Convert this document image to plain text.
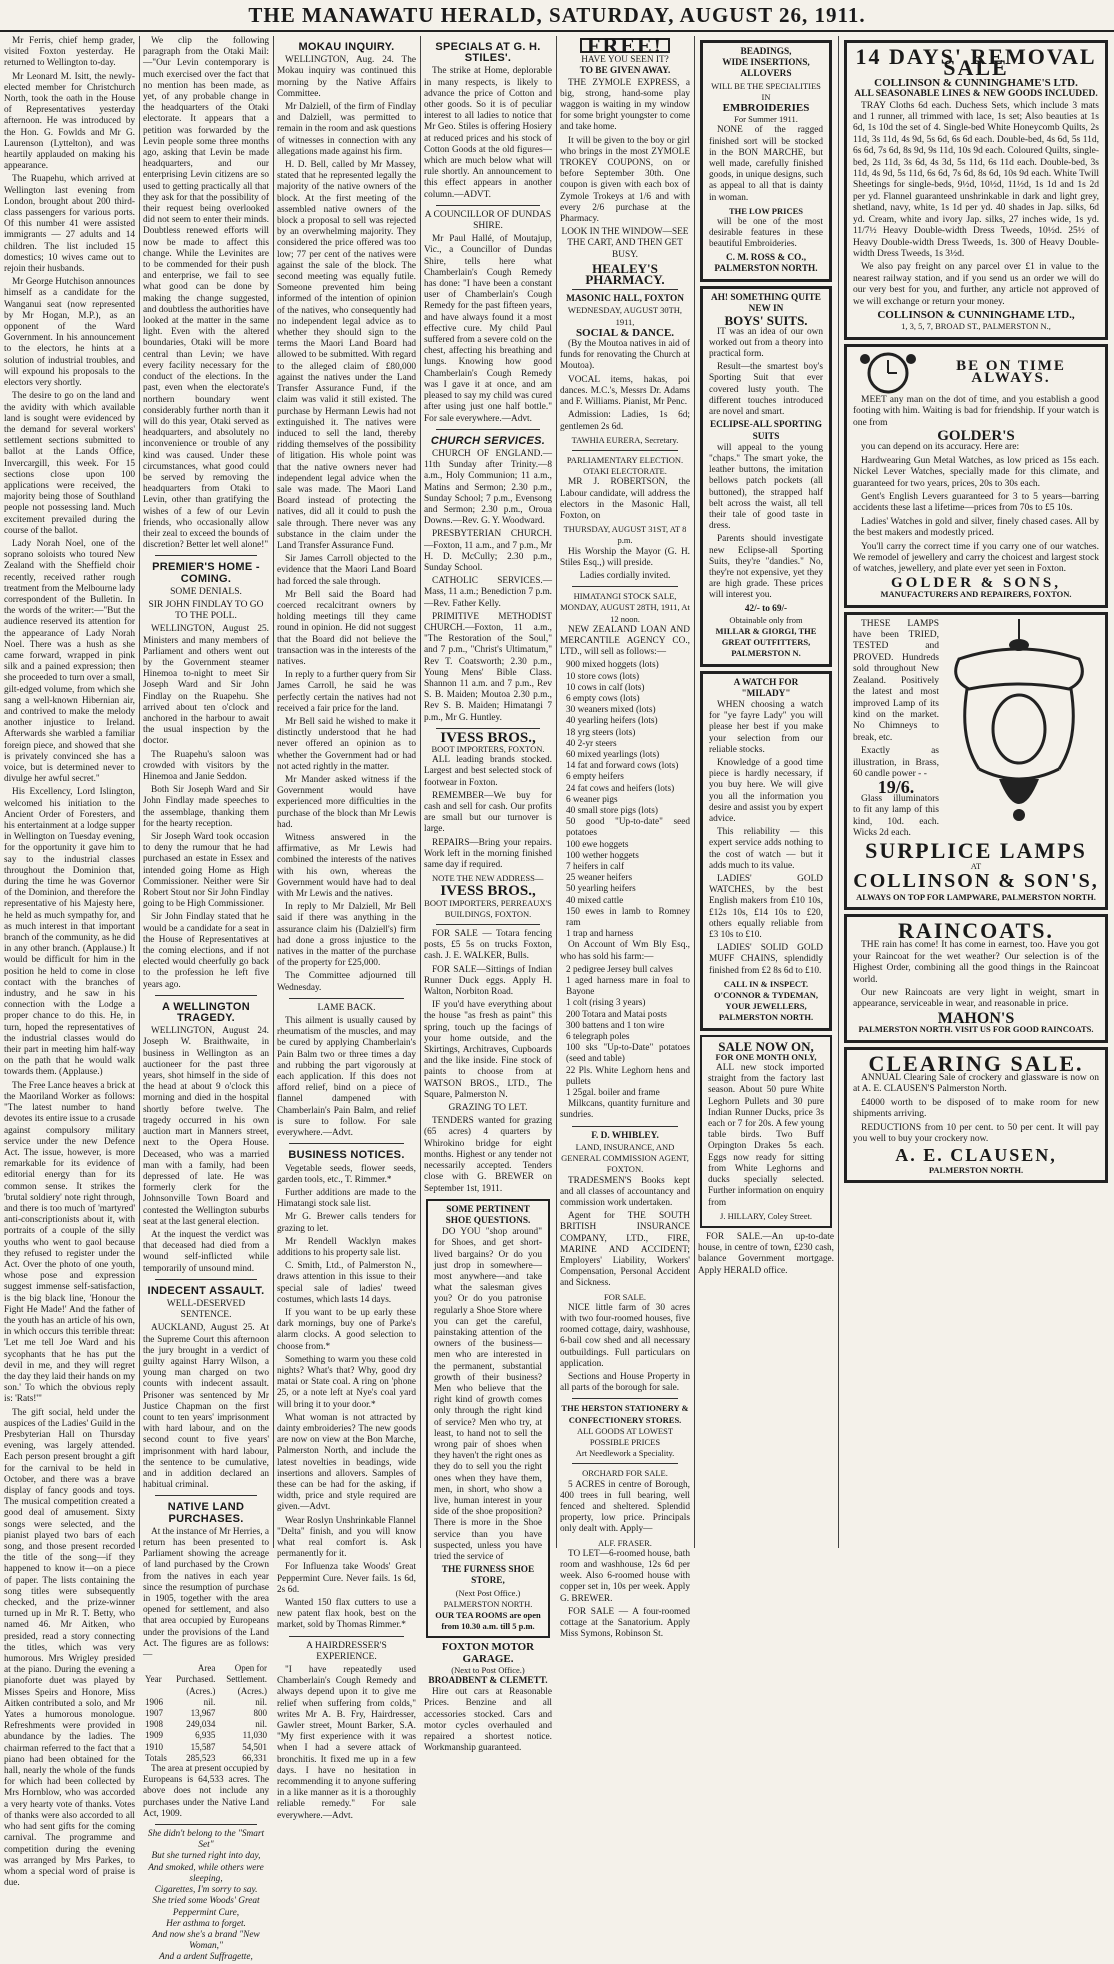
THE MANAWATU HERALD, SATURDAY, AUGUST 26, 1911.

Mr Ferris, chief hemp grader, visited Foxton yesterday. He returned to Wellington to-day.

Mr Leonard M. Isitt, the newly-elected member for Christchurch North, took the oath in the House of Representatives yesterday afternoon. He was introduced by the Hon. G. Fowlds and Mr G. Laurenson (Lyttelton), and was heartily applauded on making his appearance.

The Ruapehu, which arrived at Wellington last evening from London, brought about 200 third-class passengers for various ports. Of this number 41 were assisted immigrants — 27 adults and 14 children. The list included 15 domestics; 10 wives came out to rejoin their husbands.

Mr George Hutchison announces himself as a candidate for the Wanganui seat (now represented by Mr Hogan, M.P.), as an opponent of the Ward Government. In his announcement to the electors, he hints at a solution of industrial troubles, and will expound his proposals to the electors very shortly.

The desire to go on the land and the avidity with which available land is sought were evidenced by the demand for several workers' settlement sections submitted to ballot at the Lands Office, Invercargill, this week. For 15 sections close upon 100 applications were received, the majority being those of Southland people not possessing land. Much excitement prevailed during the course of the ballot.

Lady Norah Noel, one of the soprano soloists who toured New Zealand with the Sheffield choir recently, received rather rough treatment from the Melbourne lady correspondent of the Bulletin. In the words of the writer:—"But the audience reserved its attention for the appearance of Lady Norah Noel. There was a hush as she came forward, wrapped in pink silk and a pained expression; then she proceeded to turn over a small, gilt-edged volume, from which she sang a well-known Hibernian air, and contrived to make the melody another injustice to Ireland. Afterwards she warbled a familiar foreign piece, and showed that she is privately convinced she has a voice, but is determined never to divulge her awful secret."

His Excellency, Lord Islington, welcomed his initiation to the Ancient Order of Foresters, and his entertainment at a lodge supper in Wellington on Tuesday evening, for the opportunity it gave him to say to the industrial classes throughout the Dominion that, during the time he was Governor of the Dominion, and therefore the representative of his Majesty here, he held as much sympathy for, and as much interest in that important branch of the community, as he did in any other branch. (Applause.) It would be difficult for him in the position he held to come in close contact with the branches of industry, and he saw in his connection with the Lodge a proper chance to do this. He, in turn, hoped the representatives of the industrial classes would do their part in meeting him half-way on the path that he would walk towards them. (Applause.)

The Free Lance heaves a brick at the Maoriland Worker as follows: "The latest number to hand devotes its entire issue to a crusade against compulsory military service under the new Defence Act. The issue, however, is more remarkable for its evidence of editorial energy than for its common sense. It strikes the 'brutal soldiery' note right through, and there is too much of 'martyred' anti-conscriptionists about it, with portraits of a couple of the silly youths who went to gaol because they refused to register under the Act. Over the photo of one youth, whose pose and expression suggest immense self-satisfaction, is the big black line, 'Honour the Fight He Made!' And the father of the youth has an article of his own, in which occurs this terrible threat: 'Let me tell Joe Ward and his sycophants that he has put the devil in me, and they will regret the day they laid their hands on my son.' To which the obvious reply is: 'Rats!'"

The gift social, held under the auspices of the Ladies' Guild in the Presbyterian Hall on Thursday evening, was largely attended. Each person present brought a gift for the carnival to be held in October, and there was a brave display of fancy goods and toys. The musical competition created a good deal of amusement. Sixty songs were selected, and the pianist played two bars of each song, and those present recorded the title of the song—if they happened to know it—on a piece of paper. The lists containing the song titles were subsequently checked, and the prize-winner turned up in Mr R. T. Betty, who named 46. Mr Aitken, who presided, read a story connecting the titles, which was very humorous. Mrs Wrigley presided at the piano. During the evening a pianoforte duet was played by Misses Speirs and Honore, Miss Aitken contributed a solo, and Mr Yates a humorous monologue. Refreshments were provided in abundance by the ladies. The chairman referred to the fact that a piano had been obtained for the hall, nearly the whole of the funds for which had been collected by Mrs Hornblow, who was accorded a very hearty vote of thanks. Votes of thanks were also accorded to all who had sent gifts for the coming carnival. The programme and competition during the evening was arranged by Mrs Parkes, to whom a special word of praise is due.

We clip the following paragraph from the Otaki Mail:—"Our Levin contemporary is much exercised over the fact that no mention has been made, as yet, of any probable change in the headquarters of the Otaki electorate. It appears that a petition was forwarded by the Levin people some three months ago, asking that Levin be made headquarters, and our enterprising Levin citizens are so used to getting practically all that they ask for that the possibility of their request being overlooked did not seem to enter their minds. Doubtless renewed efforts will now be made to affect this change. While the Levinites are to be commended for their push and enterprise, we fail to see what good can be done by making the change suggested, and doubtless the authorities have looked at the matter in the same light. Even with the altered boundaries, Otaki will be more central than Levin; we have every facility necessary for the conduct of the elections. In the past, even when the electorate's northern boundary went considerably further north than it will do this year, Otaki served as headquarters, and absolutely no inconvenience or trouble of any kind was caused. Under these circumstances, what good could be served by removing the headquarters from Otaki to Levin, other than gratifying the wishes of a few of our Levin friends, who occasionally allow their zeal to exceed the bounds of discretion? Better let well alone!"

PREMIER'S HOME - COMING.
SOME DENIALS.
SIR JOHN FINDLAY TO GO TO THE POLL.

WELLINGTON, August 25. Ministers and many members of Parliament and others went out by the Government steamer Hinemoa to-night to meet Sir Joseph Ward and Sir John Findlay on the Ruapehu. She arrived about ten o'clock and anchored in the harbour to await the usual inspection by the doctor.

The Ruapehu's saloon was crowded with visitors by the Hinemoa and Janie Seddon.

Both Sir Joseph Ward and Sir John Findlay made speeches to the assemblage, thanking them for the hearty reception.

Sir Joseph Ward took occasion to deny the rumour that he had purchased an estate in Essex and intended going Home as High Commissioner. Neither were Sir Robert Stout nor Sir John Findlay going to be High Commissioner.

Sir John Findlay stated that he would be a candidate for a seat in the House of Representatives at the coming elections, and if not elected would cheerfully go back to the profession he left five years ago.

A WELLINGTON TRAGEDY.

WELLINGTON, August 24. Joseph W. Braithwaite, in business in Wellington as an auctioneer for the past three years, shot himself in the side of the head at about 9 o'clock this morning and died in the hospital shortly before twelve. The tragedy occurred in his own auction mart in Manners street, next to the Opera House. Deceased, who was a married man with a family, had been depressed of late. He was formerly clerk for the Johnsonville Town Board and contested the Wellington suburbs seat at the last general election.

At the inquest the verdict was that deceased had died from a wound self-inflicted while temporarily of unsound mind.

INDECENT ASSAULT.
WELL-DESERVED SENTENCE.

AUCKLAND, August 25. At the Supreme Court this afternoon the jury brought in a verdict of guilty against Harry Wilson, a young man charged on two counts with indecent assault. Prisoner was sentenced by Mr Justice Chapman on the first count to ten years' imprisonment with hard labour, and on the second count to five years' imprisonment with hard labour, the sentence to be cumulative, and in addition declared an habitual criminal.

NATIVE LAND PURCHASES.

At the instance of Mr Herries, a return has been presented to Parliament showing the acreage of land purchased by the Crown from the natives in each year since the resumption of purchase in 1905, together with the area opened for settlement, and also that area occupied by Europeans under the provisions of the Land Act. The figures are as follows:—

Year	Area Purchased. (Acres.)	Open for Settlement. (Acres.)
1906	nil.	nil.
1907	13,967	800
1908	249,034	nil.
1909	6,935	11,030
1910	15,587	54,501
Totals	285,523	66,331

The area at present occupied by Europeans is 64,533 acres. The above does not include any purchases under the Native Land Act, 1909.

She didn't belong to the "Smart Set"
But she turned right into day,
And smoked, while others were sleeping,
Cigarettes, I'm sorry to say.
She tried some Woods' Great Peppermint Cure,
Her asthma to forget.
And now she's a brand "New Woman,"
And a ardent Suffragette,
MOKAU INQUIRY.

WELLINGTON, Aug. 24. The Mokau inquiry was continued this morning by the Native Affairs Committee.

Mr Dalziell, of the firm of Findlay and Dalziell, was permitted to remain in the room and ask questions of witnesses in connection with any allegations made against his firm.

H. D. Bell, called by Mr Massey, stated that he represented legally the majority of the native owners of the block. At the first meeting of the assembled native owners of the block a proposal to sell was rejected by an overwhelming majority. They considered the price offered was too low; 77 per cent of the natives were against the sale of the block. The second meeting was equally futile. Someone prevented him being informed of the intention of opinion of the natives, who consequently had no independent legal advice as to whether they should sign to the terms the Maori Land Board had allowed to be submitted. With regard to the alleged claim of £80,000 against the natives under the Land Transfer Assurance Fund, if the claim was valid it still existed. The purchase by Hermann Lewis had not extinguished it. The natives were induced to sell the land, thereby ridding themselves of the possibility of litigation. His whole point was that the native owners never had independent legal advice when the sale was made. The Maori Land Board instead of protecting the natives, did all it could to push the sale through. There never was any substance in the claim under the Land Transfer Assurance Fund.

Sir James Carroll objected to the evidence that the Maori Land Board had forced the sale through.

Mr Bell said the Board had coerced recalcitrant owners by holding meetings till they came round in opinion. He did not suggest that the Board did not believe the transaction was in the interests of the natives.

In reply to a further query from Sir James Carroll, he said he was perfectly certain the natives had not received a fair price for the land.

Mr Bell said he wished to make it distinctly understood that he had never offered an opinion as to whether the Government had or had not acted rightly in the matter.

Mr Mander asked witness if the Government would have experienced more difficulties in the purchase of the block than Mr Lewis had.

Witness answered in the affirmative, as Mr Lewis had combined the interests of the natives with his own, whereas the Government would have had to deal with Mr Lewis and the natives.

In reply to Mr Dalziell, Mr Bell said if there was anything in the assurance claim his (Dalziell's) firm had done a gross injustice to the natives in the matter of the purchase of the property for £25,000.

The Committee adjourned till Wednesday.

LAME BACK.

This ailment is usually caused by rheumatism of the muscles, and may be cured by applying Chamberlain's Pain Balm two or three times a day and rubbing the part vigorously at each application. If this does not afford relief, bind on a piece of flannel dampened with Chamberlain's Pain Balm, and relief is sure to follow. For sale everywhere.—Advt.

BUSINESS NOTICES.

Vegetable seeds, flower seeds, garden tools, etc., T. Rimmer.*

Further additions are made to the Himatangi stock sale list.

Mr G. Brewer calls tenders for grazing to let.

Mr Rendell Wacklyn makes additions to his property sale list.

C. Smith, Ltd., of Palmerston N., draws attention in this issue to their special sale of ladies' tweed costumes, which lasts 14 days.

If you want to be up early these dark mornings, buy one of Parke's alarm clocks. A good selection to choose from.*

Something to warm you these cold nights? What's that? Why, good dry matai or State coal. A ring on 'phone 25, or a note left at Nye's coal yard will bring it to your door.*

What woman is not attracted by dainty embroideries? The new goods are now on view at the Bon Marche, Palmerston North, and include the latest novelties in beadings, wide insertions and allovers. Samples of these can be had for the asking, if width, price and style required are given.—Advt.

Wear Roslyn Unshrinkable Flannel "Delta" finish, and you will know what real comfort is. Ask permanently for it.

For Influenza take Woods' Great Peppermint Cure. Never fails. 1s 6d, 2s 6d.

Wanted 150 flax cutters to use a new patent flax hook, best on the market, sold by Thomas Rimmer.*

A HAIRDRESSER'S EXPERIENCE.

"I have repeatedly used Chamberlain's Cough Remedy and always depend upon it to give me relief when suffering from colds," writes Mr A. B. Fry, Hairdresser, Gawler street, Mount Barker, S.A. "My first experience with it was when I had a severe attack of bronchitis. It fixed me up in a few days. I have no hesitation in recommending it to anyone suffering in a like manner as it is a thoroughly reliable remedy." For sale everywhere.—Advt.

SPECIALS AT G. H. STILES'.

The strike at Home, deplorable in many respects, is likely to advance the price of Cotton and other goods. So it is of peculiar interest to all ladies to notice that Mr Geo. Stiles is offering Hosiery at reduced prices and his stock of Cotton Goods at the old figures—which are much below what will rule shortly. An announcement to this effect appears in another column.—ADVT.

A COUNCILLOR OF DUNDAS SHIRE.

Mr Paul Hallé, of Moutajup, Vic., a Councillor of Dundas Shire, tells here what Chamberlain's Cough Remedy has done: "I have been a constant user of Chamberlain's Cough Remedy for the past fifteen years, and have always found it a most effective cure. My child Paul suffered from a severe cold on the chest, affecting his breathing and lungs. Knowing how good Chamberlain's Cough Remedy was I gave it at once, and am pleased to say my child was cured after using just one half bottle." For sale everywhere.—Advt.

CHURCH SERVICES.

CHURCH OF ENGLAND.—11th Sunday after Trinity.—8 a.m., Holy Communion; 11 a.m., Matins and Sermon; 2.30 p.m., Sunday School; 7 p.m., Evensong and Sermon; 2.30 p.m., Oroua Downs.—Rev. G. Y. Woodward.

PRESBYTERIAN CHURCH.—Foxton, 11 a.m., and 7 p.m., Mr H. D. McCully; 2.30 p.m., Sunday School.

CATHOLIC SERVICES.—Mass, 11 a.m.; Benediction 7 p.m.—Rev. Father Kelly.

PRIMITIVE METHODIST CHURCH.—Foxton, 11 a.m., "The Restoration of the Soul," and 7 p.m., "Christ's Ultimatum," Rev T. Coatsworth; 2.30 p.m., Young Mens' Bible Class. Shannon 11 a.m. and 7 p.m., Rev S. B. Maiden; Moutoa 2.30 p.m., Rev S. B. Maiden; Himatangi 7 p.m., Mr G. Huntley.

IVESS BROS.,
BOOT IMPORTERS, FOXTON.

ALL leading brands stocked. Largest and best selected stock of footwear in Foxton.

REMEMBER—We buy for cash and sell for cash. Our profits are small but our turnover is large.

REPAIRS—Bring your repairs. Work left in the morning finished same day if required.

NOTE THE NEW ADDRESS—

IVESS BROS.,
BOOT IMPORTERS, PERREAUX'S BUILDINGS, FOXTON.

FOR SALE — Totara fencing posts, £5 5s on trucks Foxton, cash. J. E. WALKER, Bulls.

FOR SALE—Sittings of Indian Runner Duck eggs. Apply H. Walton, Norbiton Road.

IF you'd have everything about the house "as fresh as paint" this spring, touch up the facings of your home outside, and the Skirtings, Architraves, Cupboards and the like inside. Fine stock of paints to choose from at WATSON BROS., LTD., The Square, Palmerston N.

GRAZING TO LET.

TENDERS wanted for grazing (65 acres) 4 quarters by Whirokino bridge for eight months. Highest or any tender not necessarily accepted. Tenders close with G. BREWER on September 1st, 1911.

SOME PERTINENT SHOE QUESTIONS.

DO YOU "shop around" for Shoes, and get short-lived bargains? Or do you just drop in somewhere—most anywhere—and take what the salesman gives you? Or do you patronise regularly a Shoe Store where you can get the careful, painstaking attention of the owners of the business—men who are interested in the permanent, substantial growth of their business? Men who believe that the right kind of growth comes only through the right kind of service? Men who try, at least, to hand not to sell the wrong pair of shoes when they haven't the right ones as they do to sell you the right ones when they have them, men, in short, who show a live, human interest in your side of the shoe proposition? There is more in the Shoe service than you have suspected, unless you have tried the service of

THE FURNESS SHOE STORE,
(Next Post Office.) PALMERSTON NORTH.
OUR TEA ROOMS are open from 10.30 a.m. till 5 p.m.
FOXTON MOTOR GARAGE.
(Next to Post Office.)
BROADBENT & CLEMETT.

Hire out cars at Reasonable Prices. Benzine and all accessories stocked. Cars and motor cycles overhauled and repaired a shortest notice. Workmanship guaranteed.

FREE!
HAVE YOU SEEN IT?
TO BE GIVEN AWAY.

THE ZYMOLE EXPRESS, a big, strong, hand-some play waggon is waiting in my window for some bright youngster to come and take home.

It will be given to the boy or girl who brings in the most ZYMOLE TROKEY COUPONS, on or before September 30th. One coupon is given with each box of Zymole Trokeys at 1/6 and with every 2/6 purchase at the Pharmacy.

LOOK IN THE WINDOW—SEE THE CART, AND THEN GET BUSY.

HEALEY'S PHARMACY.
MASONIC HALL, FOXTON
WEDNESDAY, AUGUST 30TH, 1911,
SOCIAL & DANCE.

(By the Moutoa natives in aid of funds for renovating the Church at Moutoa).

VOCAL items, hakas, poi dances. M.C.'s, Messrs Dr. Adams and F. Williams. Pianist, Mr Penc.

Admission: Ladies, 1s 6d; gentlemen 2s 6d.

TAWHIA EURERA, Secretary.
PARLIAMENTARY ELECTION.
OTAKI ELECTORATE.

MR J. ROBERTSON, the Labour candidate, will address the electors in the Masonic Hall, Foxton, on

THURSDAY, AUGUST 31ST, AT 8 p.m.

His Worship the Mayor (G. H. Stiles Esq.,) will preside.

Ladies cordially invited.

HIMATANGI STOCK SALE,
MONDAY, AUGUST 28TH, 1911, At 12 noon.

NEW ZEALAND LOAN AND MERCANTILE AGENCY CO., LTD., will sell as follows:—

900 mixed hoggets (lots)
10 store cows (lots)
10 cows in calf (lots)
6 empty cows (lots)
30 weaners mixed (lots)
40 yearling heifers (lots)
18 yrg steers (lots)
40 2-yr steers
60 mixed yearlings (lots)
14 fat and forward cows (lots)
6 empty heifers
24 fat cows and heifers (lots)
6 weaner pigs
40 small store pigs (lots)
50 good "Up-to-date" seed potatoes
100 ewe hoggets
100 wether hoggets
7 heifers in calf
25 weaner heifers
50 yearling heifers
40 mixed cattle
150 ewes in lamb to Romney ram
1 trap and harness

On Account of Wm Bly Esq., who has sold his farm:—

2 pedigree Jersey bull calves
1 aged harness mare in foal to Bayone
1 colt (rising 3 years)
200 Totara and Matai posts
300 battens and 1 ton wire
6 telegraph poles
100 sks "Up-to-Date" potatoes (seed and table)
22 Pls. White Leghorn hens and pullets
1 25gal. boiler and frame

Milkcans, quantity furniture and sundries.

F. D. WHIBLEY.
LAND, INSURANCE, AND GENERAL COMMISSION AGENT, FOXTON.

TRADESMEN'S Books kept and all classes of accountancy and commission work undertaken.

Agent for THE SOUTH BRITISH INSURANCE COMPANY, LTD., FIRE, MARINE AND ACCIDENT; Employers' Liability, Workers' Compensation, Personal Accident and Sickness.

FOR SALE.

NICE little farm of 30 acres with two four-roomed houses, five roomed cottage, dairy, washhouse, 6-bail cow shed and all necessary outbuildings. Full particulars on application.

Sections and House Property in all parts of the borough for sale.

THE HERSTON STATIONERY & CONFECTIONERY STORES.
ALL GOODS AT LOWEST POSSIBLE PRICES
Art Needlework a Speciality.
ORCHARD FOR SALE.

5 ACRES in centre of Borough, 400 trees in full bearing, well fenced and sheltered. Splendid property, low price. Principals only dealt with. Apply—

ALF. FRASER.

TO LET—6-roomed house, bath room and washhouse, 12s 6d per week. Also 6-roomed house with copper set in, 10s per week. Apply G. BREWER.

FOR SALE — A four-roomed cottage at the Sanatorium. Apply Miss Symons, Robinson St.

BEADINGS,
WIDE INSERTIONS,
ALLOVERS
WILL BE THE SPECIALITIES IN
EMBROIDERIES
For Summer 1911.

NONE of the ragged finished sort will be stocked in the BON MARCHE, but well made, carefully finished goods, in unique designs, such as appeal to all that is dainty in woman.

THE LOW PRICES

will be one of the most desirable features in these beautiful Embroideries.

C. M. ROSS & CO., PALMERSTON NORTH.
AH! SOMETHING QUITE NEW IN
BOYS' SUITS.

IT was an idea of our own worked out from a theory into practical form.

Result—the smartest boy's Sporting Suit that ever covered lusty youth. The different touches introduced are novel and smart.

ECLIPSE-ALL SPORTING SUITS

will appeal to the young "chaps." The smart yoke, the leather buttons, the imitation bellows patch pockets (all buttoned), the strapped half belt across the waist, all tell their tale of good taste in dress.

Parents should investigate new Eclipse-all Sporting Suits, they're "dandies." No, they're not expensive, yet they are high grade. These prices will interest you.

42/- to 69/-
Obtainable only from
MILLAR & GIORGI, THE GREAT OUTFITTERS, PALMERSTON N.
A WATCH FOR "MILADY"

WHEN choosing a watch for "ye fayre Lady" you will please her best if you make your selection from our reliable stocks.

Knowledge of a good time piece is hardly necessary, if you buy here. We will give you all the information you desire and assist you by expert advice.

This reliability — this expert service adds nothing to the cost of watch — but it adds much to its value.

LADIES' GOLD WATCHES, by the best English makers from £10 10s, £12s 10s, £14 10s to £20, others equally reliable from £3 10s to £10.

LADIES' SOLID GOLD MUFF CHAINS, splendidly finished from £2 8s 6d to £10.

CALL IN & INSPECT.
O'CONNOR & TYDEMAN, YOUR JEWELLERS, PALMERSTON NORTH.
SALE NOW ON,
FOR ONE MONTH ONLY,

ALL new stock imported straight from the factory last season. About 50 pure White Leghorn Pullets and 30 pure Indian Runner Ducks, price 3s each or 7 for 20s. A few young table birds. Two Buff Orpington Drakes 5s each. Eggs now ready for sitting from White Leghorns and ducks specially selected. Further information on enquiry from

J. HILLARY, Coley Street.

FOR SALE.—An up-to-date house, in centre of town, £230 cash, balance Government mortgage. Apply HERALD office.

14 DAYS' REMOVAL SALE
COLLINSON & CUNNINGHAME'S LTD.
ALL SEASONABLE LINES & NEW GOODS INCLUDED.

TRAY Cloths 6d each. Duchess Sets, which include 3 mats and 1 runner, all trimmed with lace, 1s set; Also beauties at 1s 6d, 1s 10d the set of 4. Single-bed White Honeycomb Quilts, 2s 11d, 3s 11d, 4s 9d, 5s 6d, 6s 6d each. Double-bed, 4s 6d, 5s 11d, 6s 6d, 7s 6d, 8s 9d, 9s 11d, 10s 9d each. Coloured Quilts, single-bed, 2s 11d, 3s 6d, 4s 3d, 5s 11d, 6s 11d each. Double-bed, 3s 11d, 4s 9d, 5s 11d, 6s 6d, 7s 6d, 8s 6d, 10s 9d each. White Twill Sheetings for single-beds, 9½d, 10½d, 11½d, 1s 1d and 1s 2d per yd. Flannel guaranteed unshrinkable in dark and light grey, shetland, navy, white, 1s 1d per yd. 40 shades in Jap. silks, 6d yd. Cream, white and ivory Jap. silks, 27 inches wide, 1s yd. 11/7½ Heavy Double-width Dress Tweeds, 10½d. 25½ of Heavy Double-width Dress Tweeds, 1s. 300 of Heavy Double-width Dress Tweeds, 1s 3½d.

We also pay freight on any parcel over £1 in value to the nearest railway station, and if you send us an order we will do our very best for you, and further, any article not approved of we will exchange or return your money.

COLLINSON & CUNNINGHAME LTD.,
1, 3, 5, 7, BROAD ST., PALMERSTON N.,
BE ON TIME ALWAYS.

MEET any man on the dot of time, and you establish a good footing with him. Waiting is bad for friendship. If your watch is one from

GOLDER'S

you can depend on its accuracy. Here are:

Hardwearing Gun Metal Watches, as low priced as 15s each. Nickel Lever Watches, specially made for this climate, and guaranteed for two years, prices, 20s to 30s each.

Gent's English Levers guaranteed for 3 to 5 years—barring accidents these last a lifetime—prices from 70s to £5 10s.

Ladies' Watches in gold and silver, finely chased cases. All by the best makers and modestly priced.

You'll carry the correct time if you carry one of our watches. We remodel of jewellery and carry the choicest and largest stock of watches, jewellery, and plate ever yet seen in Foxton.

GOLDER & SONS,
MANUFACTURERS AND REPAIRERS, FOXTON.

THESE LAMPS have been TRIED, TESTED and PROVED. Hundreds sold throughout New Zealand. Positively the latest and most improved Lamp of its kind on the market. No Chimneys to break, etc.

Exactly as illustration, in Brass, 60 candle power - -

19/6.

Glass illuminators to fit any lamp of this kind, 10d. each. Wicks 2d each.

SURPLICE LAMPS
AT
COLLINSON & SON'S,
ALWAYS ON TOP FOR LAMPWARE, PALMERSTON NORTH.
RAINCOATS.

THE rain has come! It has come in earnest, too. Have you got your Raincoat for the wet weather? Our selection is of the Highest Order, combining all the good things in the Raincoat world.

Our new Raincoats are very light in weight, smart in appearance, serviceable in wear, and reasonable in price.

MAHON'S
PALMERSTON NORTH. VISIT US FOR GOOD RAINCOATS.
CLEARING SALE.

ANNUAL Clearing Sale of crockery and glassware is now on at A. E. CLAUSEN'S Palmerston North.

£4000 worth to be disposed of to make room for new shipments arriving.

REDUCTIONS from 10 per cent. to 50 per cent. It will pay you well to buy your crockery now.

A. E. CLAUSEN,
PALMERSTON NORTH.
